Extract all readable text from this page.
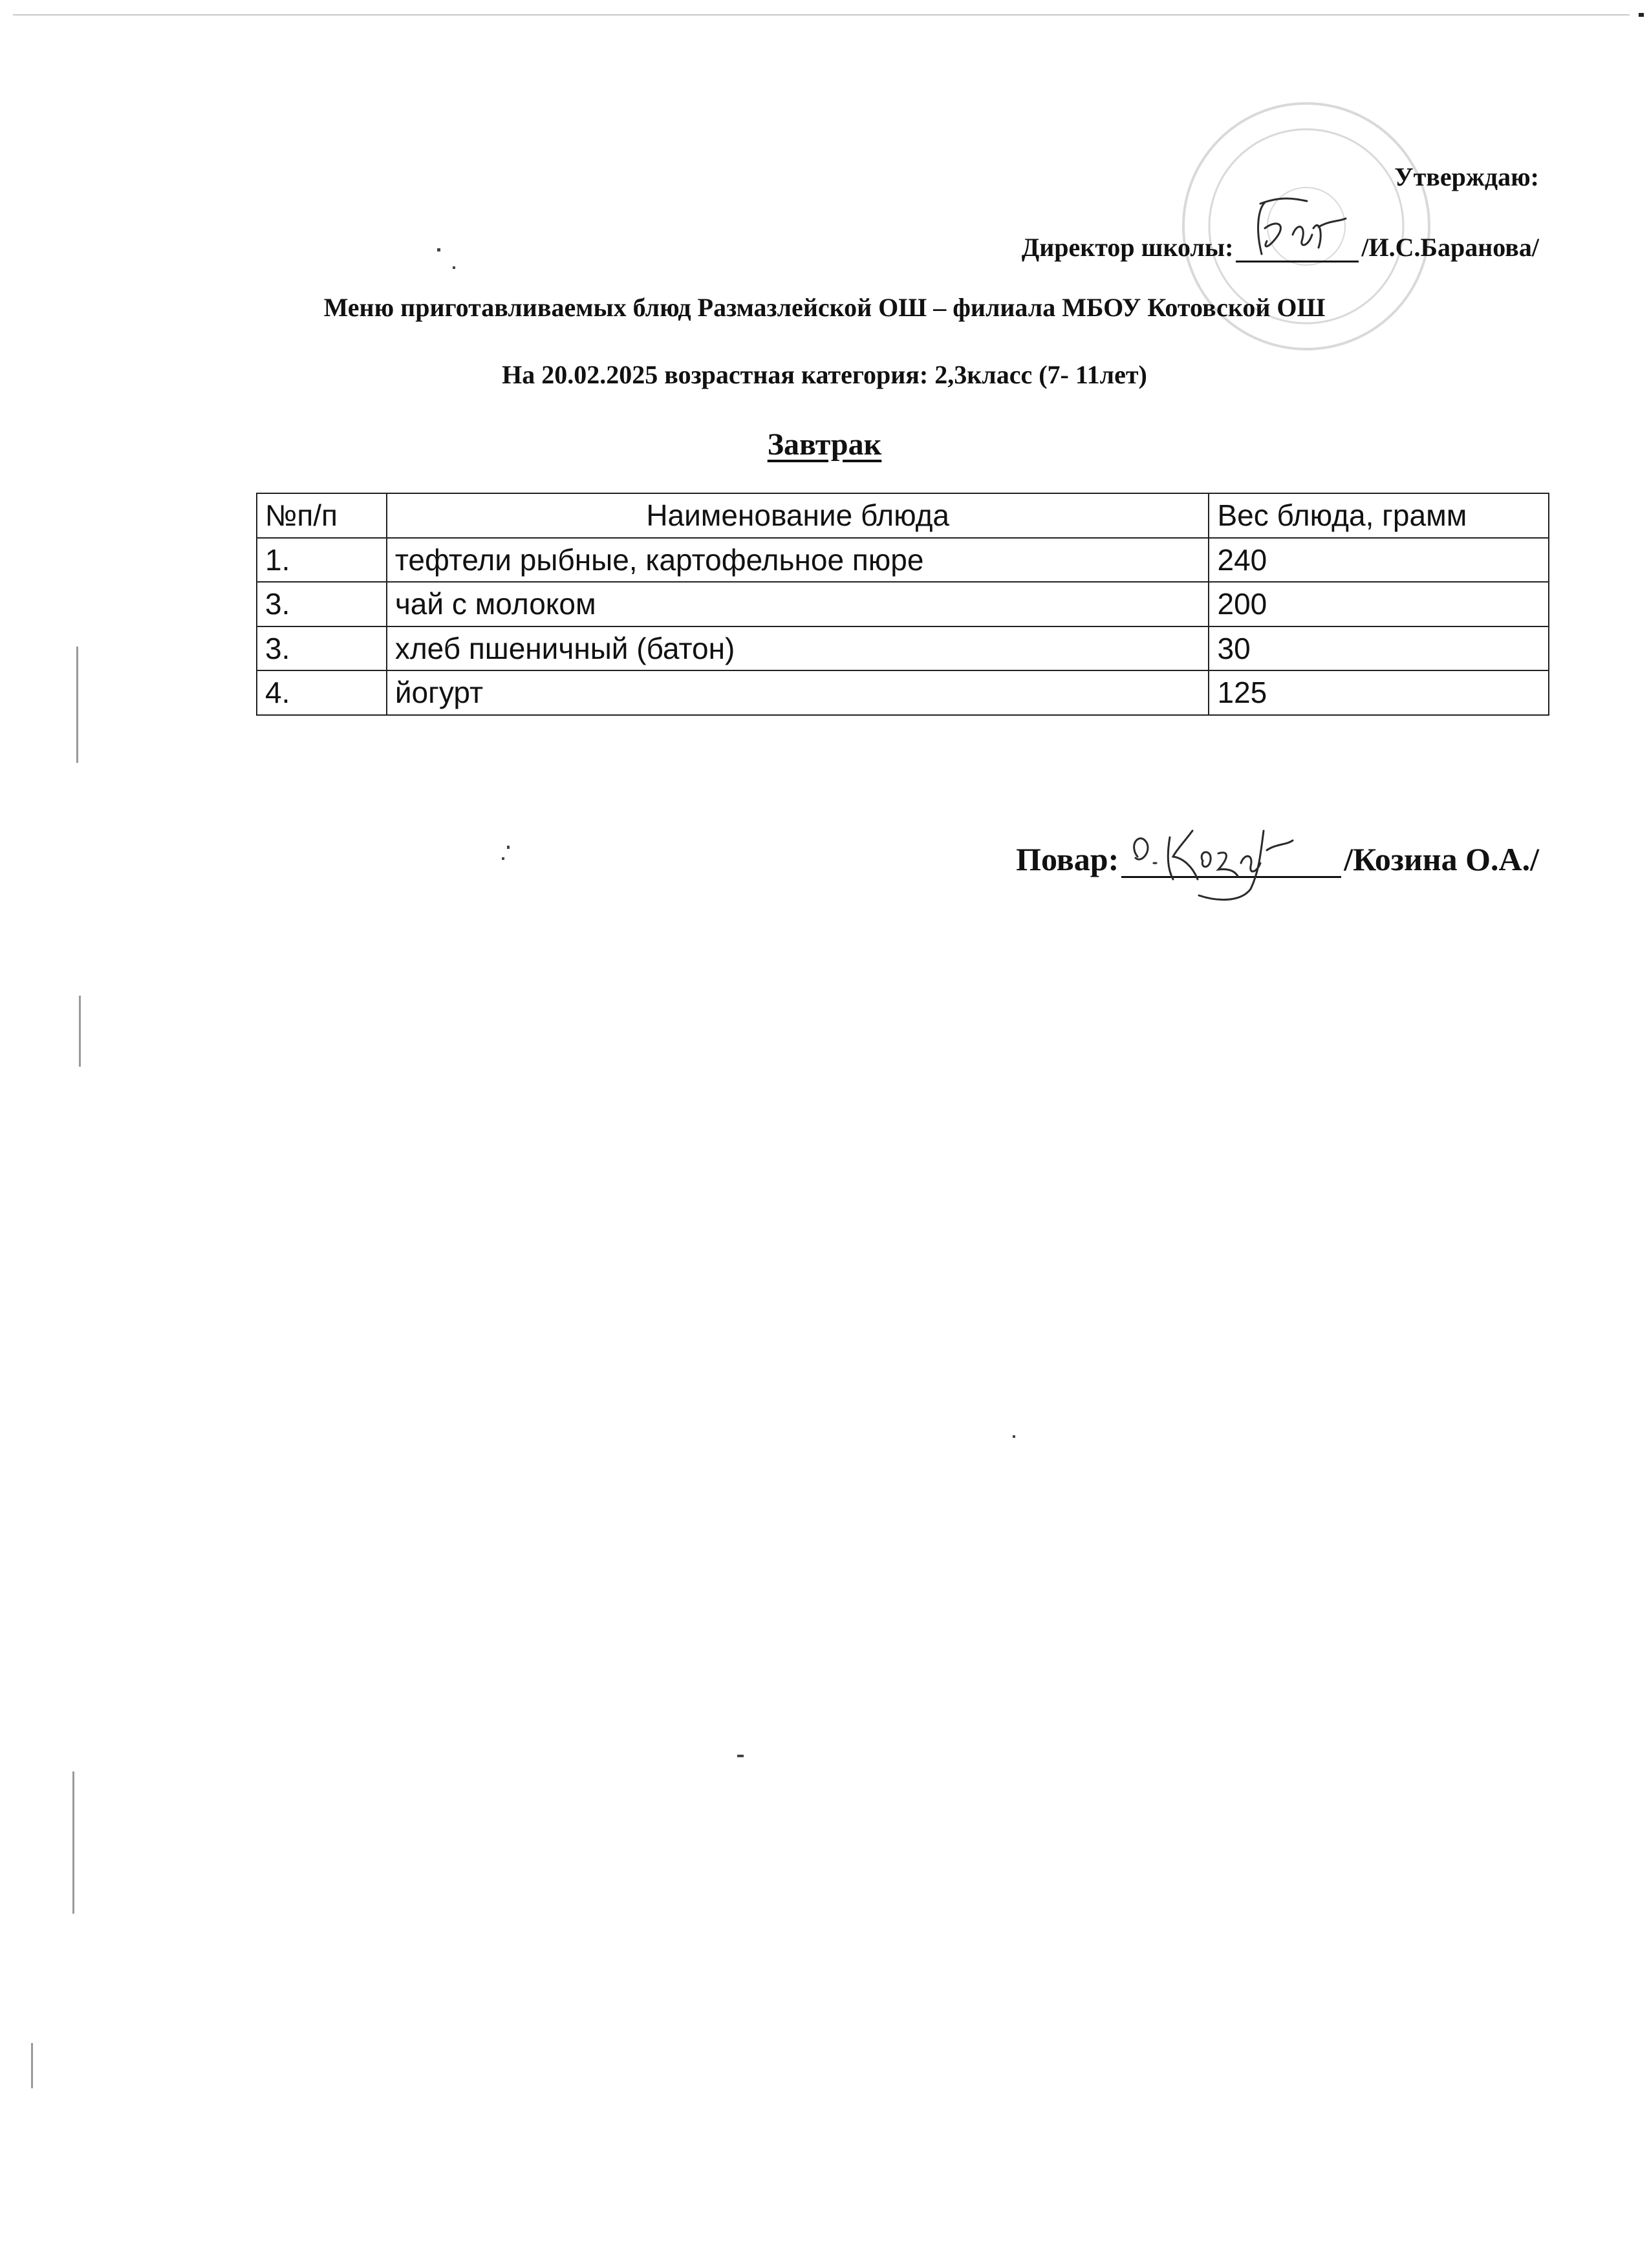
Утверждаю:
Директор школы:	/И.С.Баранова/
Меню приготавливаемых блюд Размазлейской ОШ – филиала МБОУ Котовской ОШ
На 20.02.2025 возрастная категория: 2,3класс (7- 11лет)
Завтрак
№п/п	Наименование блюда	Вес блюда, грамм
1.	тефтели рыбные, картофельное пюре	240
3.	чай с молоком	200
3.	хлеб пшеничный (батон)	30
4.	йогурт	125
Повар:	/Козина О.А./
